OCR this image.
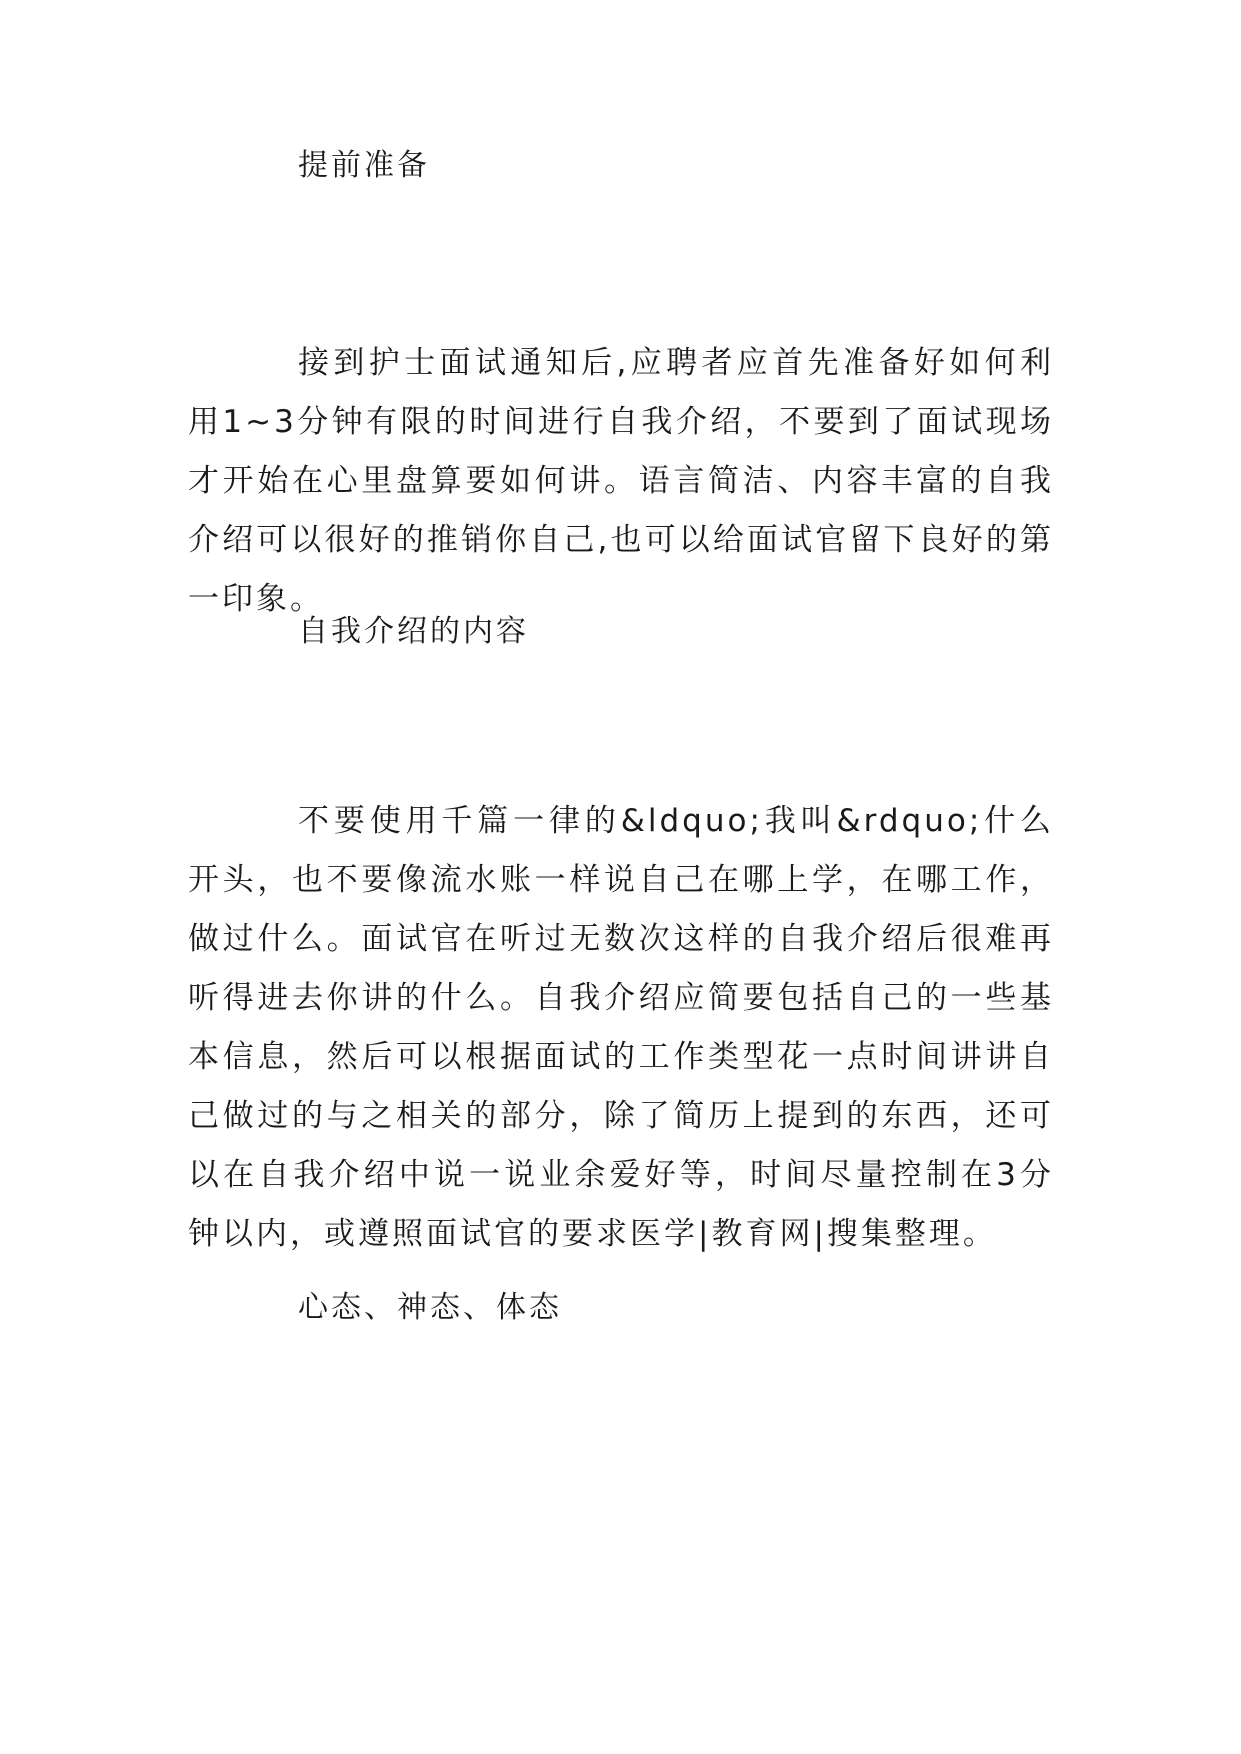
提前准备
接到护士面试通知后,应聘者应首先准备好如何利用1~3分钟有限的时间进行自我介绍，不要到了面试现场才开始在心里盘算要如何讲。语言简洁、内容丰富的自我介绍可以很好的推销你自己,也可以给面试官留下良好的第一印象。
自我介绍的内容
不要使用千篇一律的&ldquo;我叫&rdquo;什么开头，也不要像流水账一样说自己在哪上学，在哪工作，做过什么。面试官在听过无数次这样的自我介绍后很难再听得进去你讲的什么。自我介绍应简要包括自己的一些基本信息，然后可以根据面试的工作类型花一点时间讲讲自己做过的与之相关的部分，除了简历上提到的东西，还可以在自我介绍中说一说业余爱好等，时间尽量控制在3分钟以内，或遵照面试官的要求医学|教育网|搜集整理。
心态、神态、体态
